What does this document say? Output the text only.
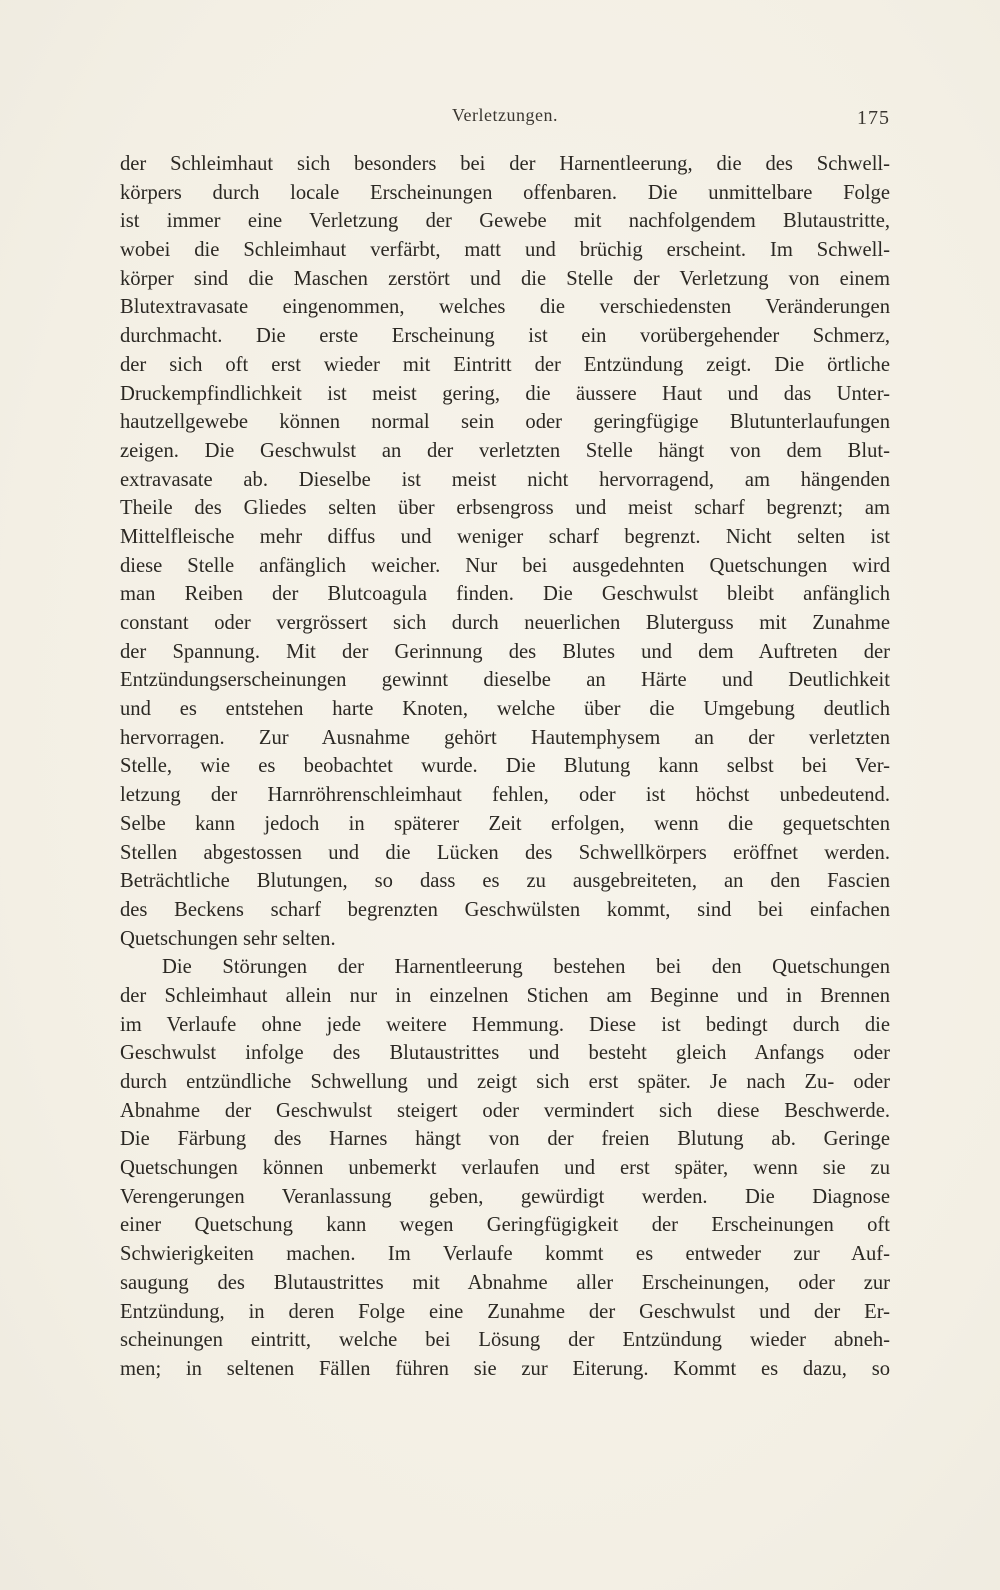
Verletzungen.	175
der Schleimhaut sich besonders bei der Harnentleerung, die des Schwell-
körpers durch locale Erscheinungen offenbaren. Die unmittelbare Folge
ist immer eine Verletzung der Gewebe mit nachfolgendem Blutaustritte,
wobei die Schleimhaut verfärbt, matt und brüchig erscheint. Im Schwell-
körper sind die Maschen zerstört und die Stelle der Verletzung von einem
Blutextravasate eingenommen, welches die verschiedensten Veränderungen
durchmacht. Die erste Erscheinung ist ein vorübergehender Schmerz,
der sich oft erst wieder mit Eintritt der Entzündung zeigt. Die örtliche
Druckempfindlichkeit ist meist gering, die äussere Haut und das Unter-
hautzellgewebe können normal sein oder geringfügige Blutunterlaufungen
zeigen. Die Geschwulst an der verletzten Stelle hängt von dem Blut-
extravasate ab. Dieselbe ist meist nicht hervorragend, am hängenden
Theile des Gliedes selten über erbsengross und meist scharf begrenzt; am
Mittelfleische mehr diffus und weniger scharf begrenzt. Nicht selten ist
diese Stelle anfänglich weicher. Nur bei ausgedehnten Quetschungen wird
man Reiben der Blutcoagula finden. Die Geschwulst bleibt anfänglich
constant oder vergrössert sich durch neuerlichen Bluterguss mit Zunahme
der Spannung. Mit der Gerinnung des Blutes und dem Auftreten der
Entzündungserscheinungen gewinnt dieselbe an Härte und Deutlichkeit
und es entstehen harte Knoten, welche über die Umgebung deutlich
hervorragen. Zur Ausnahme gehört Hautemphysem an der verletzten
Stelle, wie es beobachtet wurde. Die Blutung kann selbst bei Ver-
letzung der Harnröhrenschleimhaut fehlen, oder ist höchst unbedeutend.
Selbe kann jedoch in späterer Zeit erfolgen, wenn die gequetschten
Stellen abgestossen und die Lücken des Schwellkörpers eröffnet werden.
Beträchtliche Blutungen, so dass es zu ausgebreiteten, an den Fascien
des Beckens scharf begrenzten Geschwülsten kommt, sind bei einfachen
Quetschungen sehr selten.
Die Störungen der Harnentleerung bestehen bei den Quetschungen
der Schleimhaut allein nur in einzelnen Stichen am Beginne und in Brennen
im Verlaufe ohne jede weitere Hemmung. Diese ist bedingt durch die
Geschwulst infolge des Blutaustrittes und besteht gleich Anfangs oder
durch entzündliche Schwellung und zeigt sich erst später. Je nach Zu- oder
Abnahme der Geschwulst steigert oder vermindert sich diese Beschwerde.
Die Färbung des Harnes hängt von der freien Blutung ab. Geringe
Quetschungen können unbemerkt verlaufen und erst später, wenn sie zu
Verengerungen Veranlassung geben, gewürdigt werden. Die Diagnose
einer Quetschung kann wegen Geringfügigkeit der Erscheinungen oft
Schwierigkeiten machen. Im Verlaufe kommt es entweder zur Auf-
saugung des Blutaustrittes mit Abnahme aller Erscheinungen, oder zur
Entzündung, in deren Folge eine Zunahme der Geschwulst und der Er-
scheinungen eintritt, welche bei Lösung der Entzündung wieder abneh-
men; in seltenen Fällen führen sie zur Eiterung. Kommt es dazu, so
